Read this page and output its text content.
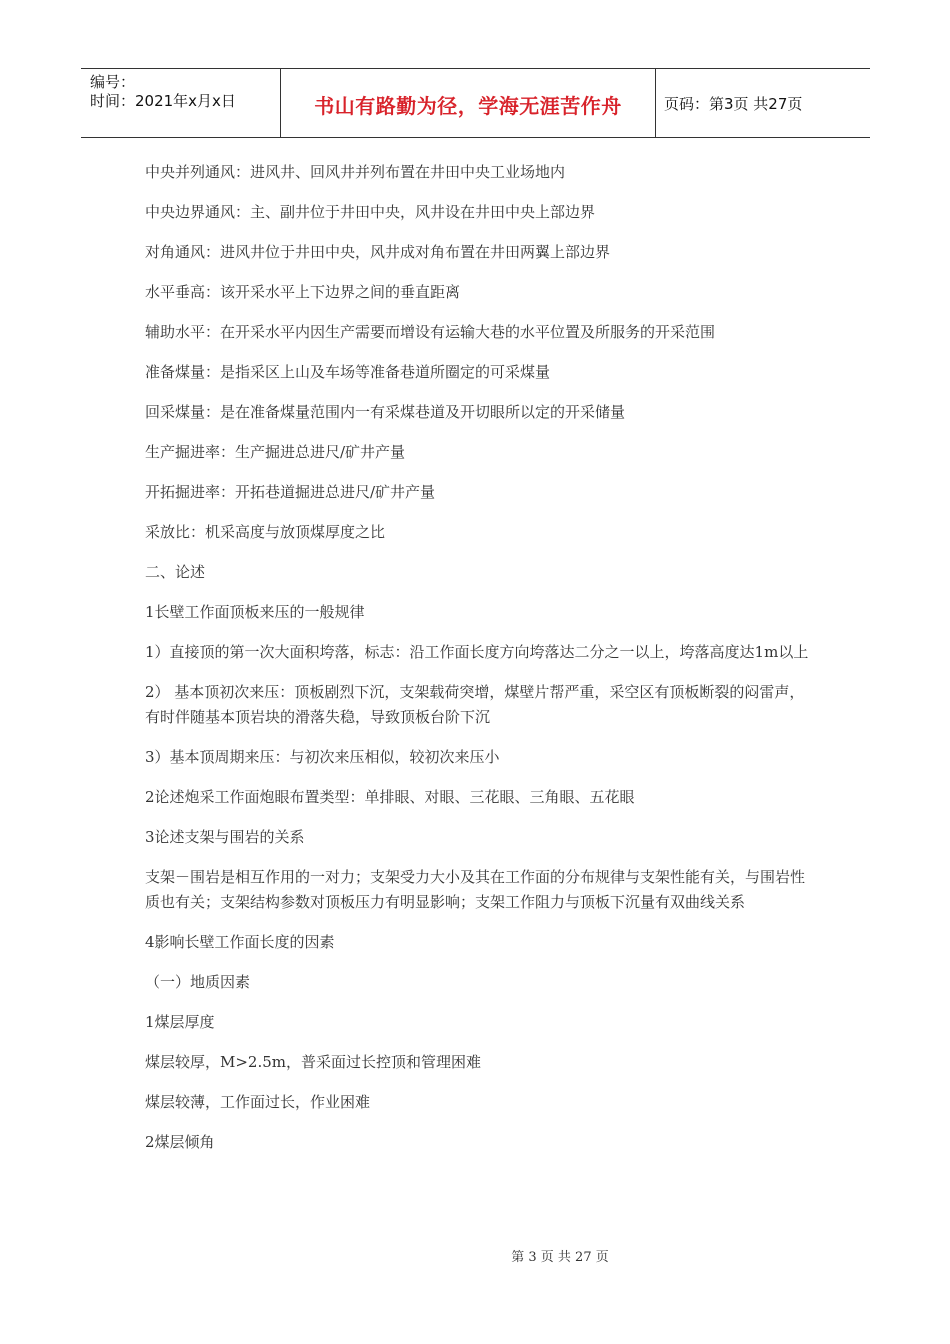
编号：
时间：2021年x月x日	书山有路勤为径，学海无涯苦作舟	页码：第3页 共27页

中央并列通风：进风井、回风井并列布置在井田中央工业场地内

中央边界通风：主、副井位于井田中央，风井设在井田中央上部边界

对角通风：进风井位于井田中央，风井成对角布置在井田两翼上部边界

水平垂高：该开采水平上下边界之间的垂直距离

辅助水平：在开采水平内因生产需要而增设有运输大巷的水平位置及所服务的开采范围

准备煤量：是指采区上山及车场等准备巷道所圈定的可采煤量

回采煤量：是在准备煤量范围内一有采煤巷道及开切眼所以定的开采储量

生产掘进率：生产掘进总进尺/矿井产量

开拓掘进率：开拓巷道掘进总进尺/矿井产量

采放比：机采高度与放顶煤厚度之比

二、论述

1长壁工作面顶板来压的一般规律

1）直接顶的第一次大面积垮落，标志：沿工作面长度方向垮落达二分之一以上，垮落高度达1m以上

2） 基本顶初次来压：顶板剧烈下沉，支架载荷突增，煤壁片帮严重，采空区有顶板断裂的闷雷声，有时伴随基本顶岩块的滑落失稳，导致顶板台阶下沉

3）基本顶周期来压：与初次来压相似，较初次来压小

2论述炮采工作面炮眼布置类型：单排眼、对眼、三花眼、三角眼、五花眼

3论述支架与围岩的关系

支架－围岩是相互作用的一对力；支架受力大小及其在工作面的分布规律与支架性能有关，与围岩性质也有关；支架结构参数对顶板压力有明显影响；支架工作阻力与顶板下沉量有双曲线关系

4影响长壁工作面长度的因素

（一）地质因素

1煤层厚度

煤层较厚，M>2.5m，普采面过长控顶和管理困难

煤层较薄，工作面过长，作业困难

2煤层倾角

第 3 页 共 27 页
